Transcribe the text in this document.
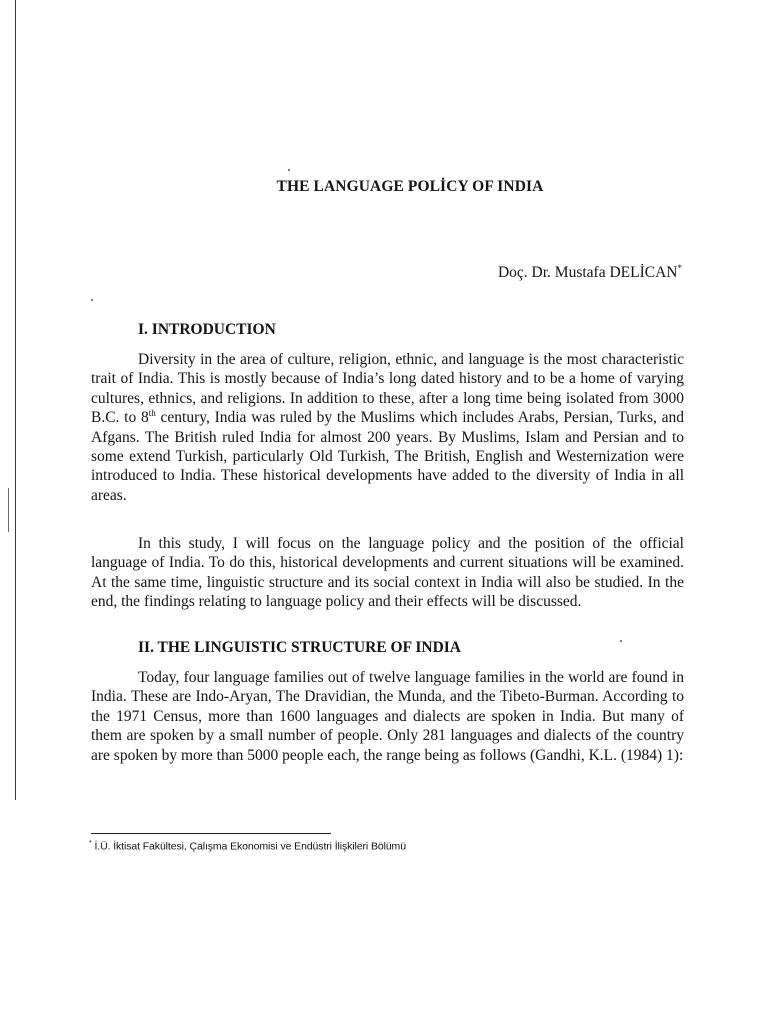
THE LANGUAGE POLİCY OF INDIA
Doç. Dr. Mustafa DELİCAN*
I. INTRODUCTION

Diversity in the area of culture, religion, ethnic, and language is the most characteristic trait of India. This is mostly because of India’s long dated history and to be a home of varying cultures, ethnics, and religions. In addition to these, after a long time being isolated from 3000 B.C. to 8th century, India was ruled by the Muslims which includes Arabs, Persian, Turks, and Afgans. The British ruled India for almost 200 years. By Muslims, Islam and Persian and to some extend Turkish, particularly Old Turkish, The British, English and Westernization were introduced to India. These historical developments have added to the diversity of India in all areas.

In this study, I will focus on the language policy and the position of the official language of India. To do this, historical developments and current situations will be examined. At the same time, linguistic structure and its social context in India will also be studied. In the end, the findings relating to language policy and their effects will be discussed.

II. THE LINGUISTIC STRUCTURE OF INDIA

Today, four language families out of twelve language families in the world are found in India. These are Indo-Aryan, The Dravidian, the Munda, and the Tibeto-Burman. According to the 1971 Census, more than 1600 languages and dialects are spoken in India. But many of them are spoken by a small number of people. Only 281 languages and dialects of the country are spoken by more than 5000 people each, the range being as follows (Gandhi, K.L. (1984) 1):

* İ.Ü. İktisat Fakültesi, Çalışma Ekonomisi ve Endüstri İlişkileri Bölümü
